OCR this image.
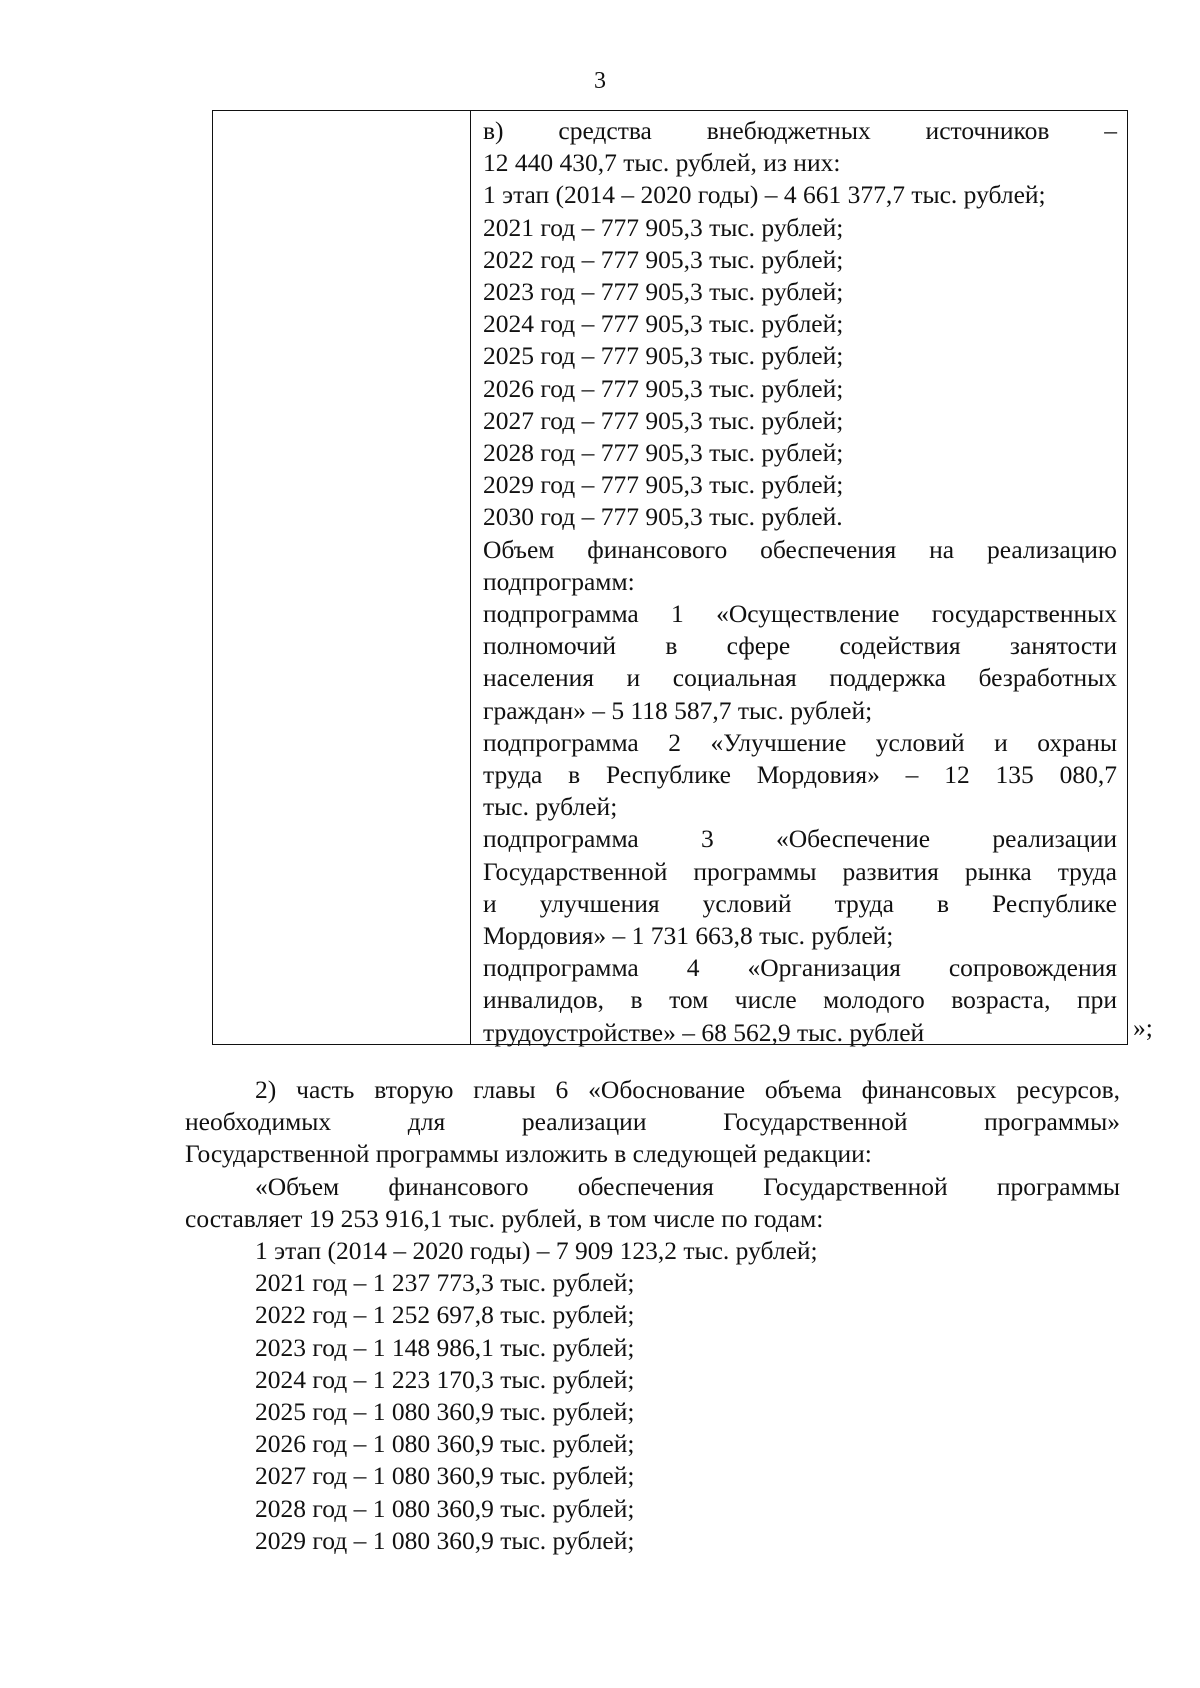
3
в) средства внебюджетных источников –
12 440 430,7 тыс. рублей, из них:
1 этап (2014 – 2020 годы) – 4 661 377,7 тыс. рублей;
2021 год – 777 905,3 тыс. рублей;
2022 год – 777 905,3 тыс. рублей;
2023 год – 777 905,3 тыс. рублей;
2024 год – 777 905,3 тыс. рублей;
2025 год – 777 905,3 тыс. рублей;
2026 год – 777 905,3 тыс. рублей;
2027 год – 777 905,3 тыс. рублей;
2028 год – 777 905,3 тыс. рублей;
2029 год – 777 905,3 тыс. рублей;
2030 год – 777 905,3 тыс. рублей.
Объем финансового обеспечения на реализацию
подпрограмм:
подпрограмма 1 «Осуществление государственных
полномочий в сфере содействия занятости
населения и социальная поддержка безработных
граждан» – 5 118 587,7 тыс. рублей;
подпрограмма 2 «Улучшение условий и охраны
труда в Республике Мордовия» – 12 135 080,7
тыс. рублей;
подпрограмма 3 «Обеспечение реализации
Государственной программы развития рынка труда
и улучшения условий труда в Республике
Мордовия» – 1 731 663,8 тыс. рублей;
подпрограмма 4 «Организация сопровождения
инвалидов, в том числе молодого возраста, при
трудоустройстве» – 68 562,9 тыс. рублей	»;
2) часть вторую главы 6 «Обоснование объема финансовых ресурсов,
необходимых для реализации Государственной программы»
Государственной программы изложить в следующей редакции:
«Объем финансового обеспечения Государственной программы
составляет 19 253 916,1 тыс. рублей, в том числе по годам:
1 этап (2014 – 2020 годы) – 7 909 123,2 тыс. рублей;
2021 год – 1 237 773,3 тыс. рублей;
2022 год – 1 252 697,8 тыс. рублей;
2023 год – 1 148 986,1 тыс. рублей;
2024 год – 1 223 170,3 тыс. рублей;
2025 год – 1 080 360,9 тыс. рублей;
2026 год – 1 080 360,9 тыс. рублей;
2027 год – 1 080 360,9 тыс. рублей;
2028 год – 1 080 360,9 тыс. рублей;
2029 год – 1 080 360,9 тыс. рублей;
